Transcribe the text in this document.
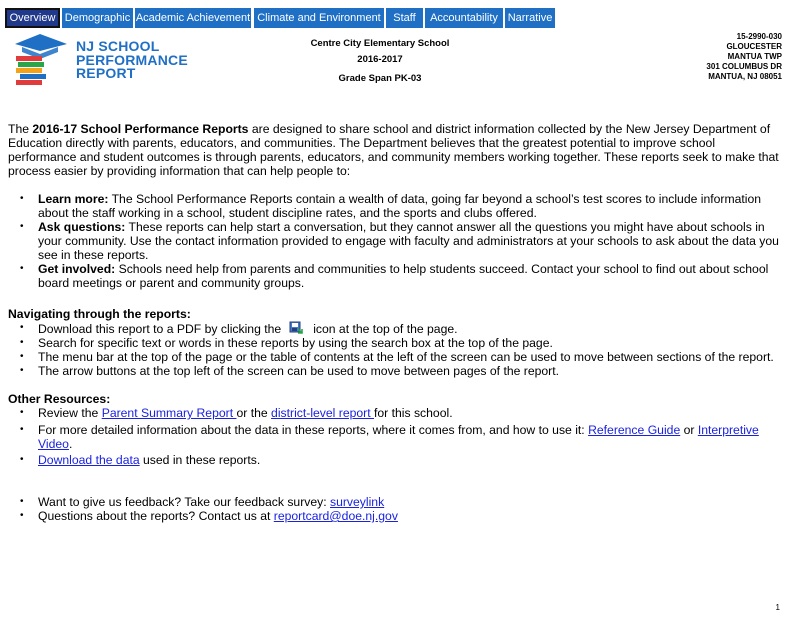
Overview Demographic Academic Achievement Climate and Environment	Staff	Accountability Narrative
NJ SCHOOL
PERFORMANCE
REPORT
Centre City Elementary School
2016-2017
Grade Span PK-03
15-2990-030
GLOUCESTER
MANTUA TWP
301 COLUMBUS DR
MANTUA, NJ 08051

The 2016-17 School Performance Reports are designed to share school and district information collected by the New Jersey Department of Education directly with parents, educators, and communities. The Department believes that the greatest potential to improve school performance and student outcomes is through parents, educators, and community members working together. These reports seek to make that process easier by providing information that can help people to:

• Learn more: The School Performance Reports contain a wealth of data, going far beyond a school’s test scores to include information about the staff working in a school, student discipline rates, and the sports and clubs offered.
• Ask questions: These reports can help start a conversation, but they cannot answer all the questions you might have about schools in your community. Use the contact information provided to engage with faculty and administrators at your schools to ask about the data you see in these reports.
• Get involved: Schools need help from parents and communities to help students succeed. Contact your school to find out about school board meetings or parent and community groups.
Navigating through the reports:
• Download this report to a PDF by clicking the	icon at the top of the page.
• Search for specific text or words in these reports by using the search box at the top of the page.
• The menu bar at the top of the page or the table of contents at the left of the screen can be used to move between sections of the report.
• The arrow buttons at the top left of the screen can be used to move between pages of the report.
Other Resources:
• Review the Parent Summary Report or the district-level report for this school.
• For more detailed information about the data in these reports, where it comes from, and how to use it: Reference Guide or Interpretive Video.
• Download the data used in these reports.
• Want to give us feedback? Take our feedback survey: surveylink
• Questions about the reports? Contact us at reportcard@doe.nj.gov
1
